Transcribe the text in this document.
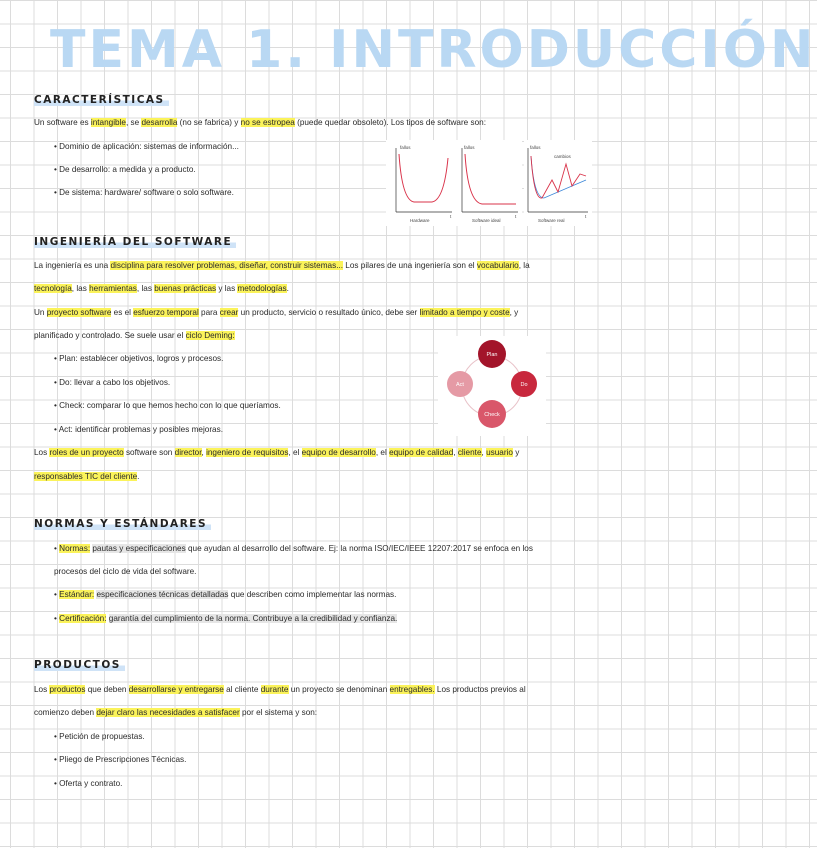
TEMA 1. INTRODUCCIÓN
CARACTERÍSTICAS
Un software es intangible, se desarrolla (no se fabrica) y no se estropea (puede quedar obsoleto). Los tipos de software son:
• Dominio de aplicación: sistemas de información...
• De desarrollo: a medida y a producto.
• De sistema: hardware/ software o solo software.
fallos
t
Hardware
fallos
t
Software ideal
fallos
cambios
t
Software real
INGENIERÍA DEL SOFTWARE
La ingeniería es una disciplina para resolver problemas, diseñar, construir sistemas... Los pilares de una ingeniería son el vocabulario, la
tecnología, las herramientas, las buenas prácticas y las metodologías.
Un proyecto software es el esfuerzo temporal para crear un producto, servicio o resultado único, debe ser limitado a tiempo y coste, y
planificado y controlado. Se suele usar el ciclo Deming:
• Plan: establecer objetivos, logros y procesos.
• Do: llevar a cabo los objetivos.
• Check: comparar lo que hemos hecho con lo que queríamos.
• Act: identificar problemas y posibles mejoras.
Los roles de un proyecto software son director, ingeniero de requisitos, el equipo de desarrollo, el equipo de calidad, cliente, usuario y
responsables TIC del cliente.
Plan
Do
Check
Act
NORMAS Y ESTÁNDARES
• Normas: pautas y especificaciones que ayudan al desarrollo del software. Ej: la norma ISO/IEC/IEEE 12207:2017 se enfoca en los
procesos del ciclo de vida del software.
• Estándar: especificaciones técnicas detalladas que describen como implementar las normas.
• Certificación: garantía del cumplimiento de la norma. Contribuye a la credibilidad y confianza.
PRODUCTOS
Los productos que deben desarrollarse y entregarse al cliente durante un proyecto se denominan entregables. Los productos previos al
comienzo deben dejar claro las necesidades a satisfacer por el sistema y son:
• Petición de propuestas.
• Pliego de Prescripciones Técnicas.
• Oferta y contrato.
